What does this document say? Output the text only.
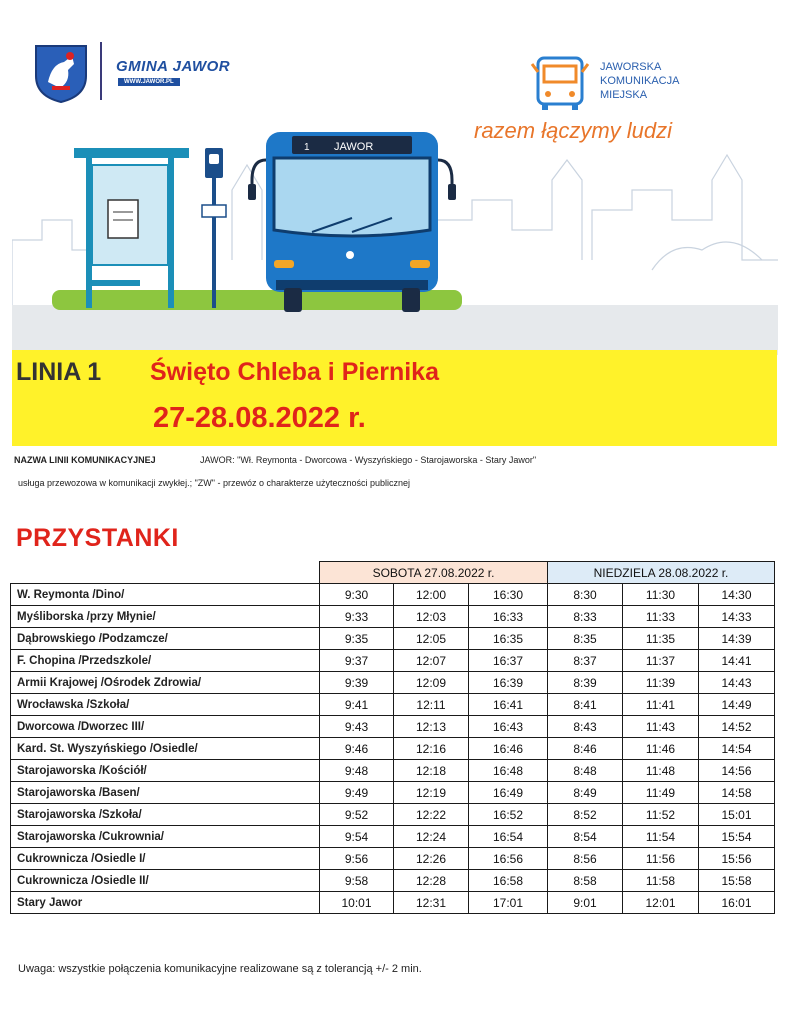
GMINA JAWOR
WWW.JAWOR.PL
JAWORSKA KOMUNIKACJA MIEJSKA
razem łączymy ludzi
1 JAWOR
LINIA 1 Święto Chleba i Piernika
27-28.08.2022 r.
NAZWA LINII KOMUNIKACYJNEJ	JAWOR: "Wł. Reymonta - Dworcowa - Wyszyńskiego - Starojaworska - Stary Jawor"
usługa przewozowa w komunikacji zwykłej.; "ZW" - przewóz o charakterze użyteczności publicznej
PRZYSTANKI
	SOBOTA 27.08.2022 r.			NIEDZIELA 28.08.2022 r.		
W. Reymonta /Dino/	9:30	12:00	16:30	8:30	11:30	14:30
Myśliborska /przy Młynie/	9:33	12:03	16:33	8:33	11:33	14:33
Dąbrowskiego /Podzamcze/	9:35	12:05	16:35	8:35	11:35	14:39
F. Chopina /Przedszkole/	9:37	12:07	16:37	8:37	11:37	14:41
Armii Krajowej /Ośrodek Zdrowia/	9:39	12:09	16:39	8:39	11:39	14:43
Wrocławska /Szkoła/	9:41	12:11	16:41	8:41	11:41	14:49
Dworcowa /Dworzec III/	9:43	12:13	16:43	8:43	11:43	14:52
Kard. St. Wyszyńskiego /Osiedle/	9:46	12:16	16:46	8:46	11:46	14:54
Starojaworska /Kościół/	9:48	12:18	16:48	8:48	11:48	14:56
Starojaworska /Basen/	9:49	12:19	16:49	8:49	11:49	14:58
Starojaworska /Szkoła/	9:52	12:22	16:52	8:52	11:52	15:01
Starojaworska /Cukrownia/	9:54	12:24	16:54	8:54	11:54	15:54
Cukrownicza /Osiedle I/	9:56	12:26	16:56	8:56	11:56	15:56
Cukrownicza /Osiedle II/	9:58	12:28	16:58	8:58	11:58	15:58
Stary Jawor	10:01	12:31	17:01	9:01	12:01	16:01
Uwaga: wszystkie połączenia komunikacyjne realizowane są z tolerancją +/- 2 min.
